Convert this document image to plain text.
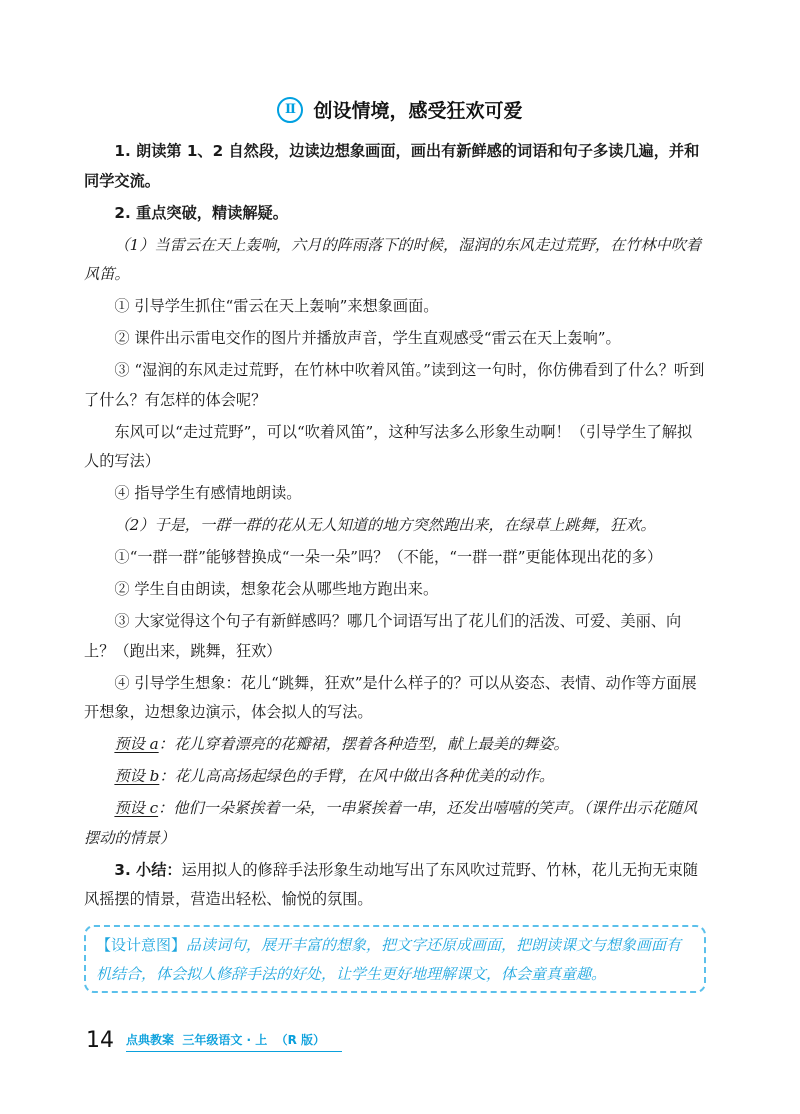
Ⅱ 创设情境，感受狂欢可爱

1. 朗读第 1、2 自然段，边读边想象画面，画出有新鲜感的词语和句子多读几遍，并和同学交流。

2. 重点突破，精读解疑。

（1）当雷云在天上轰响，六月的阵雨落下的时候，湿润的东风走过荒野，在竹林中吹着风笛。

① 引导学生抓住“雷云在天上轰响”来想象画面。

② 课件出示雷电交作的图片并播放声音，学生直观感受“雷云在天上轰响”。

③ “湿润的东风走过荒野，在竹林中吹着风笛。”读到这一句时，你仿佛看到了什么？听到了什么？有怎样的体会呢？

东风可以“走过荒野”，可以“吹着风笛”，这种写法多么形象生动啊！（引导学生了解拟人的写法）

④ 指导学生有感情地朗读。

（2）于是，一群一群的花从无人知道的地方突然跑出来，在绿草上跳舞，狂欢。

①“一群一群”能够替换成“一朵一朵”吗？（不能，“一群一群”更能体现出花的多）

② 学生自由朗读，想象花会从哪些地方跑出来。

③ 大家觉得这个句子有新鲜感吗？哪几个词语写出了花儿们的活泼、可爱、美丽、向上？（跑出来，跳舞，狂欢）

④ 引导学生想象：花儿“跳舞，狂欢”是什么样子的？可以从姿态、表情、动作等方面展开想象，边想象边演示，体会拟人的写法。

预设 a：花儿穿着漂亮的花瓣裙，摆着各种造型，献上最美的舞姿。

预设 b：花儿高高扬起绿色的手臂，在风中做出各种优美的动作。

预设 c：他们一朵紧挨着一朵，一串紧挨着一串，还发出嘻嘻的笑声。（课件出示花随风摆动的情景）

3. 小结：运用拟人的修辞手法形象生动地写出了东风吹过荒野、竹林，花儿无拘无束随风摇摆的情景，营造出轻松、愉悦的氛围。

【设计意图】品读词句，展开丰富的想象，把文字还原成画面，把朗读课文与想象画面有机结合，体会拟人修辞手法的好处，让学生更好地理解课文，体会童真童趣。
14 点典教案  三年级语文 · 上  （R 版）
